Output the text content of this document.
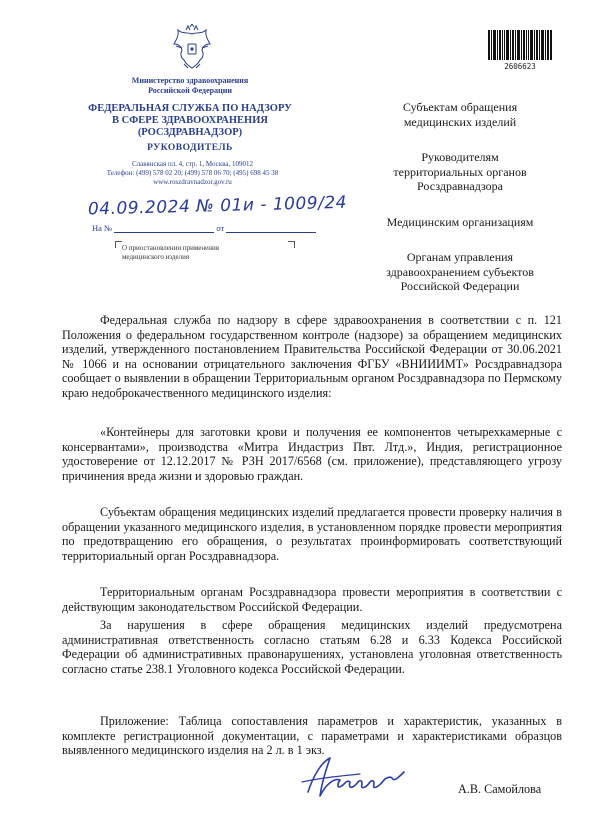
Министерство здравоохранения
Российской Федерации
ФЕДЕРАЛЬНАЯ СЛУЖБА ПО НАДЗОРУ
В СФЕРЕ ЗДРАВООХРАНЕНИЯ
(РОСЗДРАВНАДЗОР)
РУКОВОДИТЕЛЬ
Славянская пл. 4, стр. 1, Москва, 109012
Телефон: (499) 578 02 20; (499) 578 06 70; (495) 698 45 38
www.roszdravnadzor.gov.ru
04.09.2024 № 01и - 1009/24
На №	от
О приостановлении применения
медицинского изделия
2606623
Субъектам обращения
медицинских изделий
Руководителям
территориальных органов
Росздравнадзора
Медицинским организациям
Органам управления
здравоохранением субъектов
Российской Федерации

Федеральная служба по надзору в сфере здравоохранения в соответствии с п. 121 Положения о федеральном государственном контроле (надзоре) за обращением медицинских изделий, утвержденного постановлением Правительства Российской Федерации от 30.06.2021 № 1066 и на основании отрицательного заключения ФГБУ «ВНИИИМТ» Росздравнадзора сообщает о выявлении в обращении Территориальным органом Росздравнадзора по Пермскому краю недоброкачественного медицинского изделия:

«Контейнеры для заготовки крови и получения ее компонентов четырехкамерные с консервантами», производства «Митра Индастриз Пвт. Лтд.», Индия, регистрационное удостоверение от 12.12.2017 № РЗН 2017/6568 (см. приложение), представляющего угрозу причинения вреда жизни и здоровью граждан.

Субъектам обращения медицинских изделий предлагается провести проверку наличия в обращении указанного медицинского изделия, в установленном порядке провести мероприятия по предотвращению его обращения, о результатах проинформировать соответствующий территориальный орган Росздравнадзора.

Территориальным органам Росздравнадзора провести мероприятия в соответствии с действующим законодательством Российской Федерации.

За нарушения в сфере обращения медицинских изделий предусмотрена административная ответственность согласно статьям 6.28 и 6.33 Кодекса Российской Федерации об административных правонарушениях, установлена уголовная ответственность согласно статье 238.1 Уголовного кодекса Российской Федерации.

Приложение: Таблица сопоставления параметров и характеристик, указанных в комплекте регистрационной документации, с параметрами и характеристиками образцов выявленного медицинского изделия на 2 л. в 1 экз.

А.В. Самойлова
